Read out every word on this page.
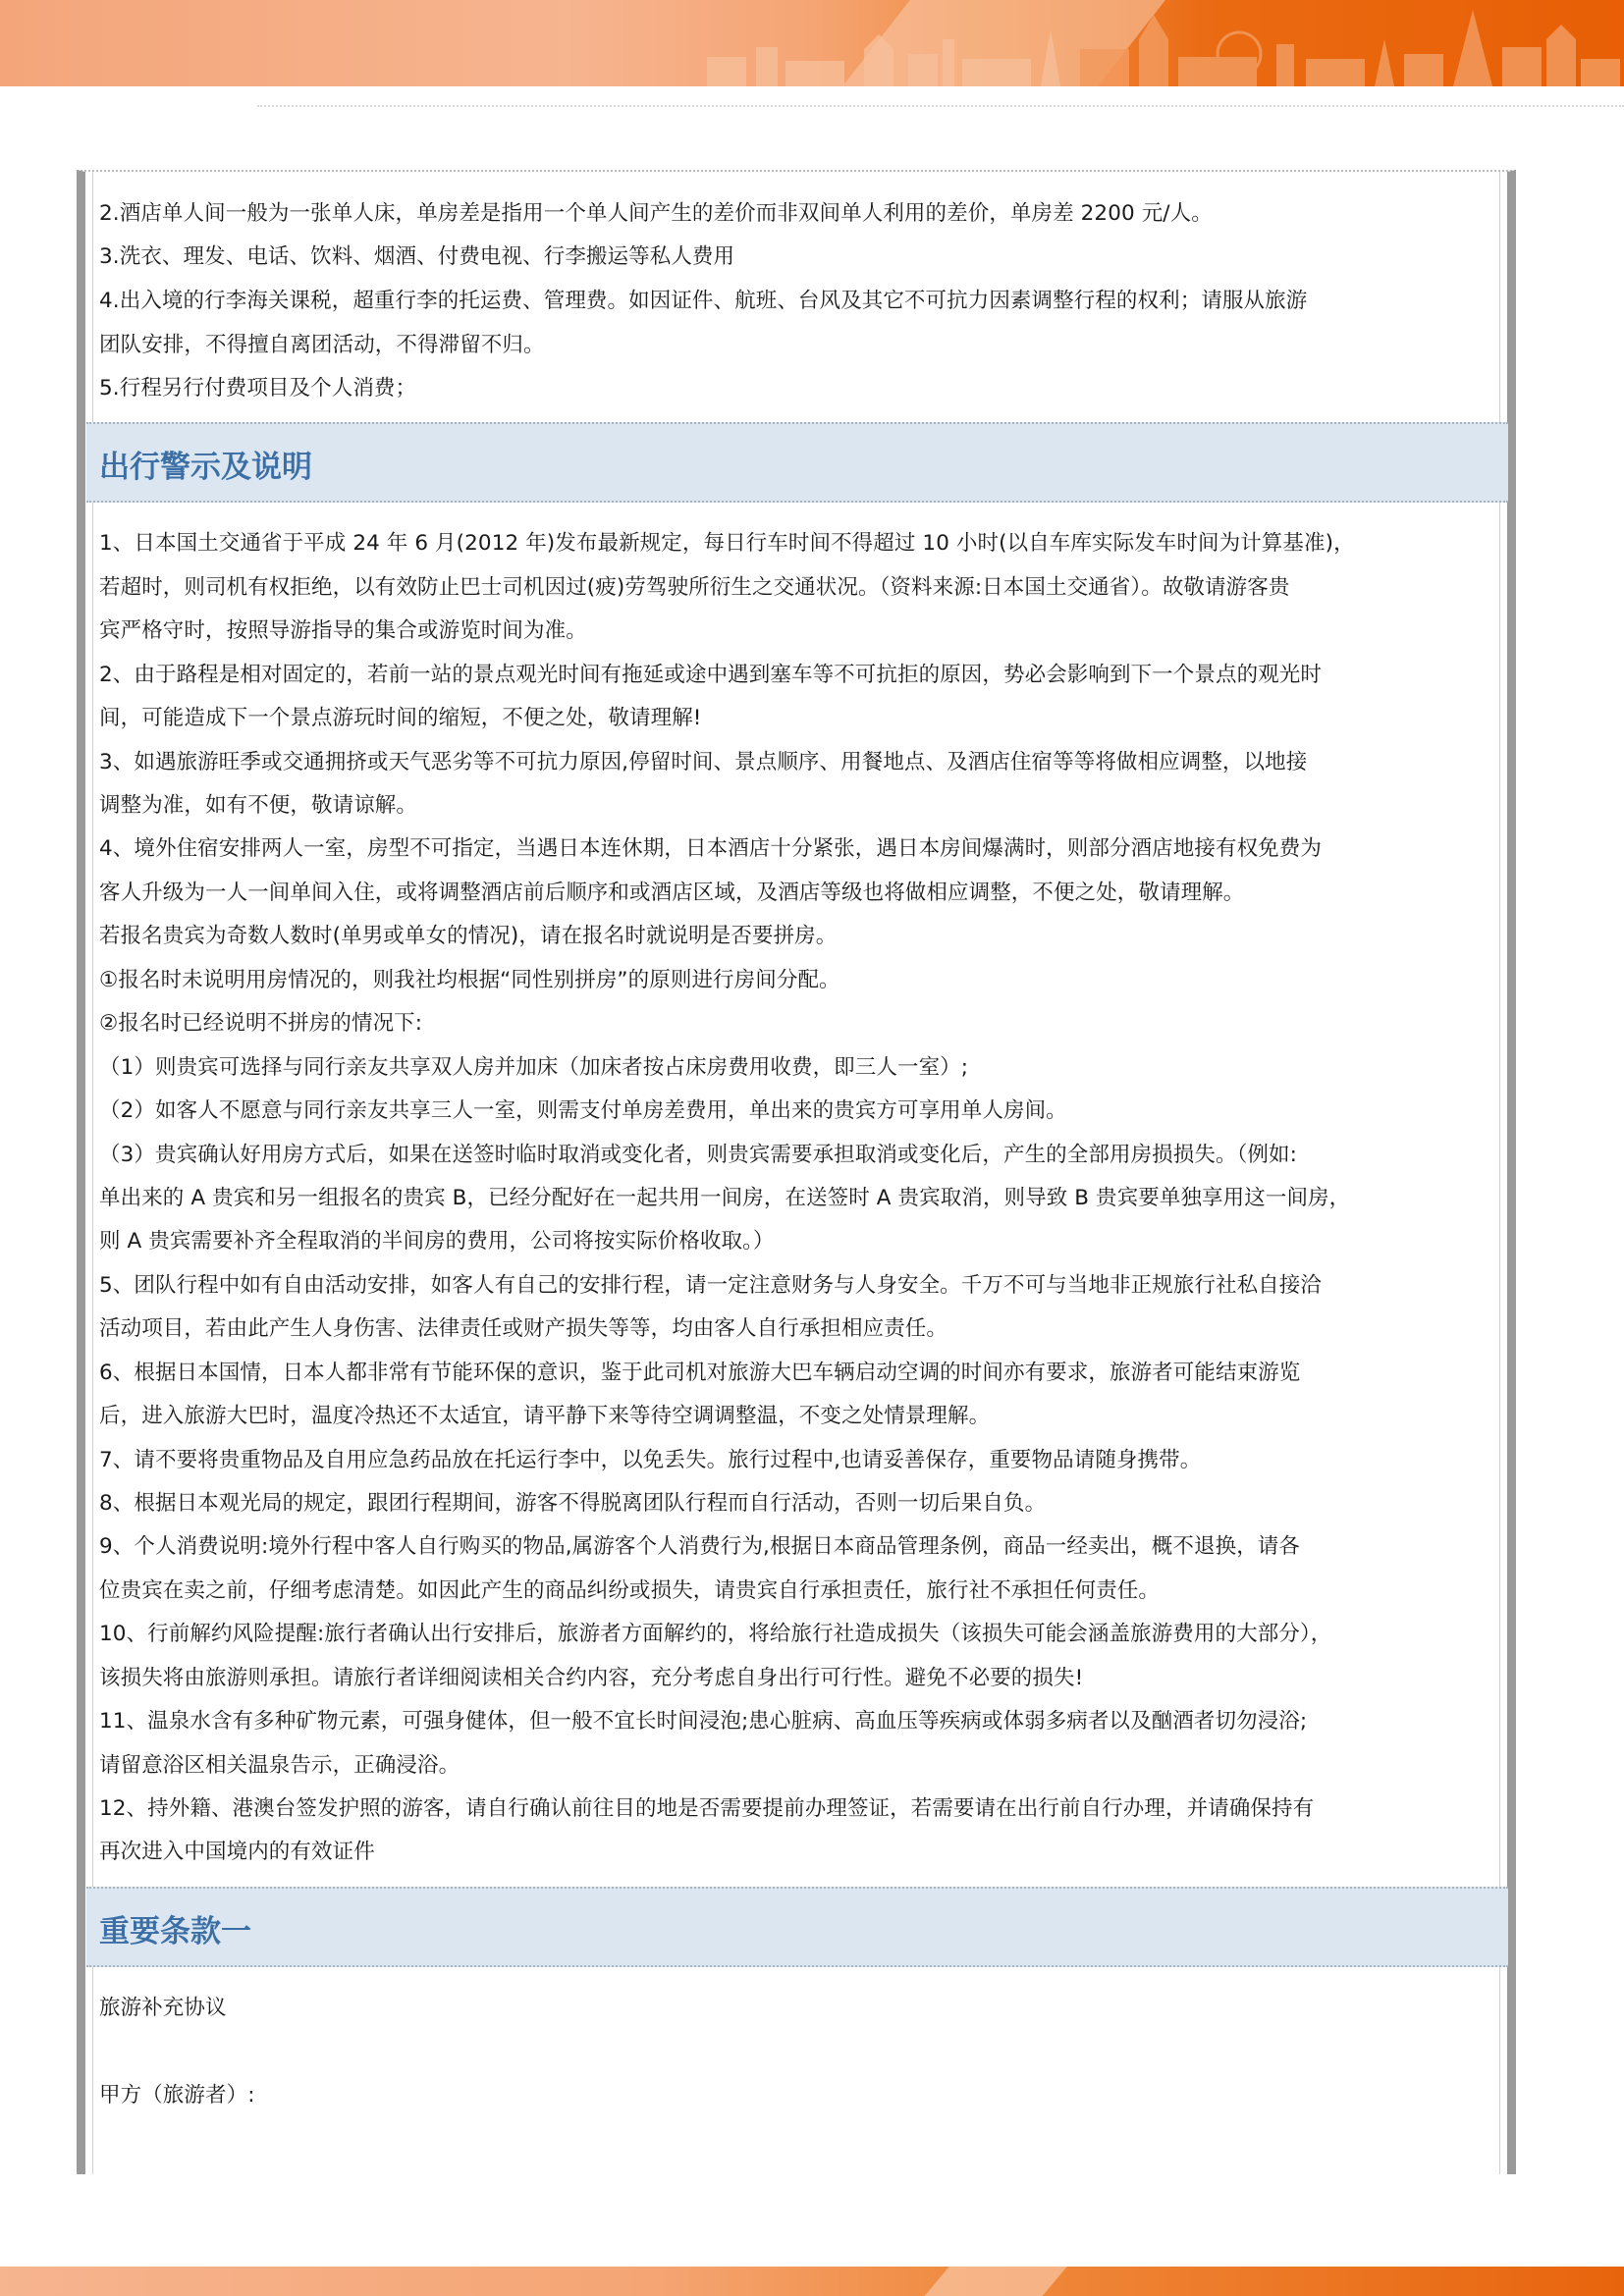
2.酒店单人间一般为一张单人床，单房差是指用一个单人间产生的差价而非双间单人利用的差价，单房差 2200 元/人。
3.洗衣、理发、电话、饮料、烟酒、付费电视、行李搬运等私人费用
4.出入境的行李海关课税，超重行李的托运费、管理费。如因证件、航班、台风及其它不可抗力因素调整行程的权利；请服从旅游
团队安排，不得擅自离团活动，不得滞留不归。
5.行程另行付费项目及个人消费；
出行警示及说明
1、日本国土交通省于平成 24 年 6 月(2012 年)发布最新规定，每日行车时间不得超过 10 小时(以自车库实际发车时间为计算基准)，
若超时，则司机有权拒绝，以有效防止巴士司机因过(疲)劳驾驶所衍生之交通状况。（资料来源:日本国土交通省）。故敬请游客贵
宾严格守时，按照导游指导的集合或游览时间为准。
2、由于路程是相对固定的，若前一站的景点观光时间有拖延或途中遇到塞车等不可抗拒的原因，势必会影响到下一个景点的观光时
间，可能造成下一个景点游玩时间的缩短，不便之处，敬请理解!
3、如遇旅游旺季或交通拥挤或天气恶劣等不可抗力原因,停留时间、景点顺序、用餐地点、及酒店住宿等等将做相应调整，以地接
调整为准，如有不便，敬请谅解。
4、境外住宿安排两人一室，房型不可指定，当遇日本连休期，日本酒店十分紧张，遇日本房间爆满时，则部分酒店地接有权免费为
客人升级为一人一间单间入住，或将调整酒店前后顺序和或酒店区域，及酒店等级也将做相应调整，不便之处，敬请理解。
若报名贵宾为奇数人数时(单男或单女的情况)，请在报名时就说明是否要拼房。
①报名时未说明用房情况的，则我社均根据“同性别拼房”的原则进行房间分配。
②报名时已经说明不拼房的情况下:
（1）则贵宾可选择与同行亲友共享双人房并加床（加床者按占床房费用收费，即三人一室）;
（2）如客人不愿意与同行亲友共享三人一室，则需支付单房差费用，单出来的贵宾方可享用单人房间。
（3）贵宾确认好用房方式后，如果在送签时临时取消或变化者，则贵宾需要承担取消或变化后，产生的全部用房损损失。（例如:
单出来的 A 贵宾和另一组报名的贵宾 B，已经分配好在一起共用一间房，在送签时 A 贵宾取消，则导致 B 贵宾要单独享用这一间房，
则 A 贵宾需要补齐全程取消的半间房的费用，公司将按实际价格收取。）
5、团队行程中如有自由活动安排，如客人有自己的安排行程，请一定注意财务与人身安全。千万不可与当地非正规旅行社私自接洽
活动项目，若由此产生人身伤害、法律责任或财产损失等等，均由客人自行承担相应责任。
6、根据日本国情，日本人都非常有节能环保的意识，鉴于此司机对旅游大巴车辆启动空调的时间亦有要求，旅游者可能结束游览
后，进入旅游大巴时，温度冷热还不太适宜，请平静下来等待空调调整温，不变之处情景理解。
7、请不要将贵重物品及自用应急药品放在托运行李中，以免丢失。旅行过程中,也请妥善保存，重要物品请随身携带。
8、根据日本观光局的规定，跟团行程期间，游客不得脱离团队行程而自行活动，否则一切后果自负。
9、个人消费说明:境外行程中客人自行购买的物品,属游客个人消费行为,根据日本商品管理条例，商品一经卖出，概不退换，请各
位贵宾在卖之前，仔细考虑清楚。如因此产生的商品纠纷或损失，请贵宾自行承担责任，旅行社不承担任何责任。
10、行前解约风险提醒:旅行者确认出行安排后，旅游者方面解约的，将给旅行社造成损失（该损失可能会涵盖旅游费用的大部分），
该损失将由旅游则承担。请旅行者详细阅读相关合约内容，充分考虑自身出行可行性。避免不必要的损失!
11、温泉水含有多种矿物元素，可强身健体，但一般不宜长时间浸泡;患心脏病、高血压等疾病或体弱多病者以及酗酒者切勿浸浴;
请留意浴区相关温泉告示，正确浸浴。
12、持外籍、港澳台签发护照的游客，请自行确认前往目的地是否需要提前办理签证，若需要请在出行前自行办理，并请确保持有
再次进入中国境内的有效证件
重要条款一
旅游补充协议
甲方（旅游者）:
